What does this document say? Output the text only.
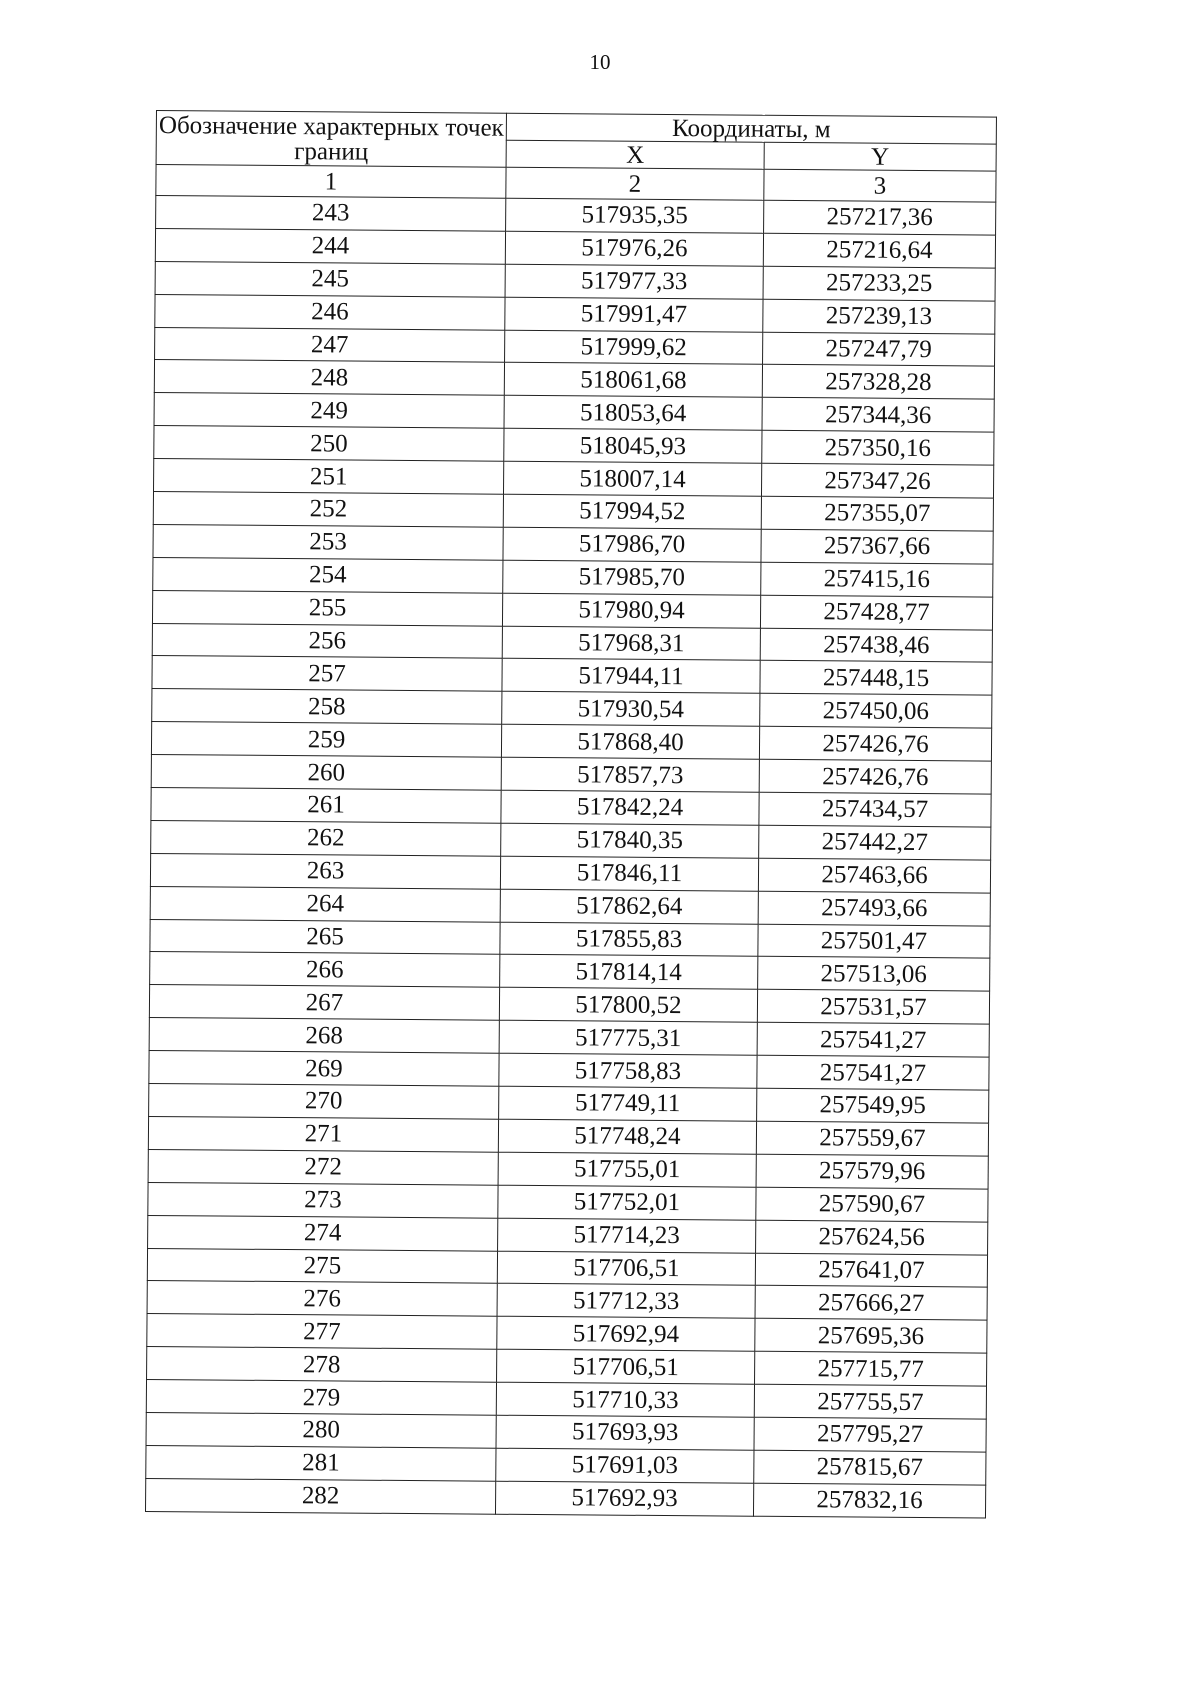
10
Обозначение характерных точек границ	Координаты, м	
	X	Y
1	2	3
243	517935,35	257217,36
244	517976,26	257216,64
245	517977,33	257233,25
246	517991,47	257239,13
247	517999,62	257247,79
248	518061,68	257328,28
249	518053,64	257344,36
250	518045,93	257350,16
251	518007,14	257347,26
252	517994,52	257355,07
253	517986,70	257367,66
254	517985,70	257415,16
255	517980,94	257428,77
256	517968,31	257438,46
257	517944,11	257448,15
258	517930,54	257450,06
259	517868,40	257426,76
260	517857,73	257426,76
261	517842,24	257434,57
262	517840,35	257442,27
263	517846,11	257463,66
264	517862,64	257493,66
265	517855,83	257501,47
266	517814,14	257513,06
267	517800,52	257531,57
268	517775,31	257541,27
269	517758,83	257541,27
270	517749,11	257549,95
271	517748,24	257559,67
272	517755,01	257579,96
273	517752,01	257590,67
274	517714,23	257624,56
275	517706,51	257641,07
276	517712,33	257666,27
277	517692,94	257695,36
278	517706,51	257715,77
279	517710,33	257755,57
280	517693,93	257795,27
281	517691,03	257815,67
282	517692,93	257832,16
